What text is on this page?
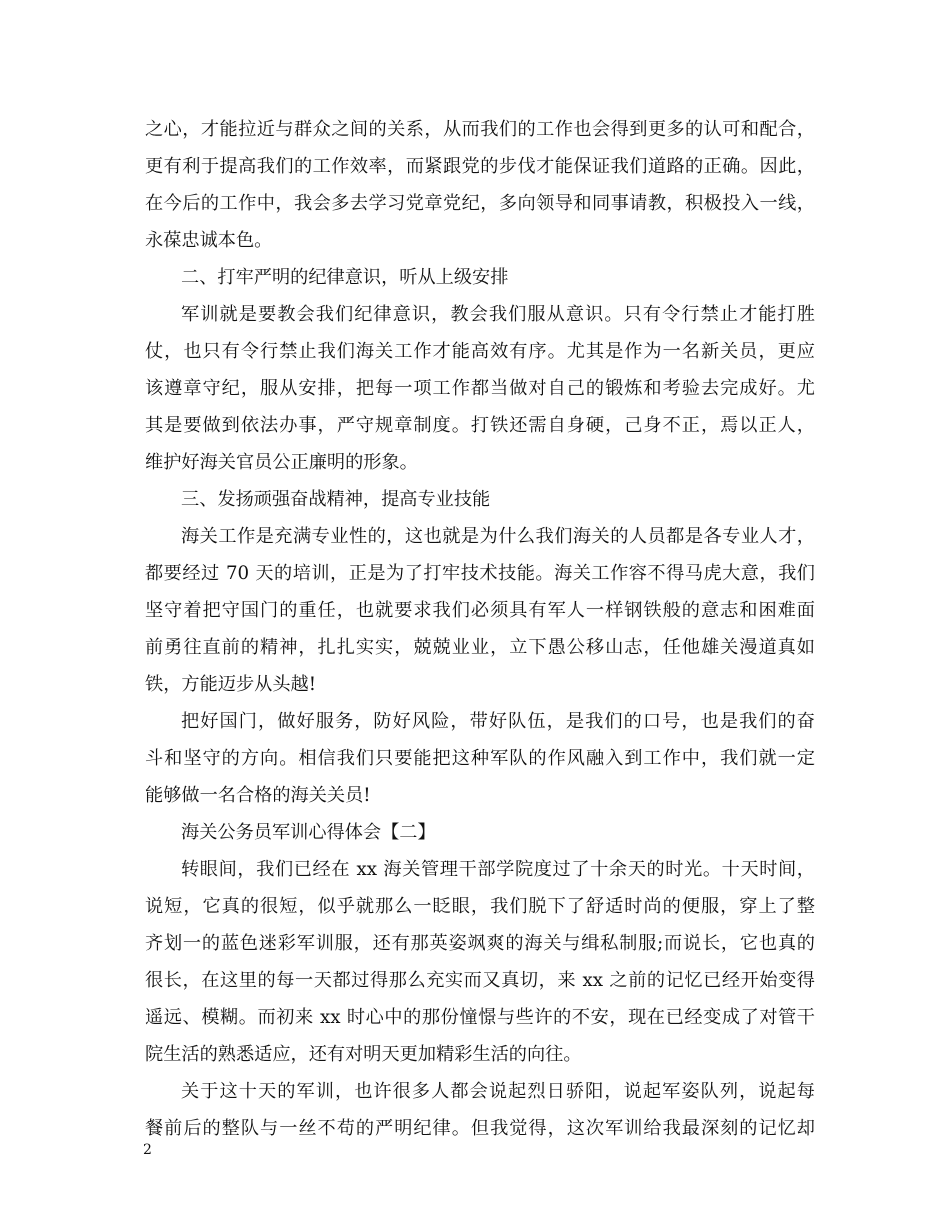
之心，才能拉近与群众之间的关系，从而我们的工作也会得到更多的认可和配合，
更有利于提高我们的工作效率，而紧跟党的步伐才能保证我们道路的正确。因此，
在今后的工作中，我会多去学习党章党纪，多向领导和同事请教，积极投入一线，
永葆忠诚本色。
二、打牢严明的纪律意识，听从上级安排
军训就是要教会我们纪律意识，教会我们服从意识。只有令行禁止才能打胜
仗，也只有令行禁止我们海关工作才能高效有序。尤其是作为一名新关员，更应
该遵章守纪，服从安排，把每一项工作都当做对自己的锻炼和考验去完成好。尤
其是要做到依法办事，严守规章制度。打铁还需自身硬，己身不正，焉以正人，
维护好海关官员公正廉明的形象。
三、发扬顽强奋战精神，提高专业技能
海关工作是充满专业性的，这也就是为什么我们海关的人员都是各专业人才，
都要经过 70 天的培训，正是为了打牢技术技能。海关工作容不得马虎大意，我们
坚守着把守国门的重任，也就要求我们必须具有军人一样钢铁般的意志和困难面
前勇往直前的精神，扎扎实实，兢兢业业，立下愚公移山志，任他雄关漫道真如
铁，方能迈步从头越!
把好国门，做好服务，防好风险，带好队伍，是我们的口号，也是我们的奋
斗和坚守的方向。相信我们只要能把这种军队的作风融入到工作中，我们就一定
能够做一名合格的海关关员!
海关公务员军训心得体会【二】
转眼间，我们已经在 xx 海关管理干部学院度过了十余天的时光。十天时间，
说短，它真的很短，似乎就那么一眨眼，我们脱下了舒适时尚的便服，穿上了整
齐划一的蓝色迷彩军训服，还有那英姿飒爽的海关与缉私制服;而说长，它也真的
很长，在这里的每一天都过得那么充实而又真切，来 xx 之前的记忆已经开始变得
遥远、模糊。而初来 xx 时心中的那份憧憬与些许的不安，现在已经变成了对管干
院生活的熟悉适应，还有对明天更加精彩生活的向往。
关于这十天的军训，也许很多人都会说起烈日骄阳，说起军姿队列，说起每
餐前后的整队与一丝不苟的严明纪律。但我觉得，这次军训给我最深刻的记忆却
2
